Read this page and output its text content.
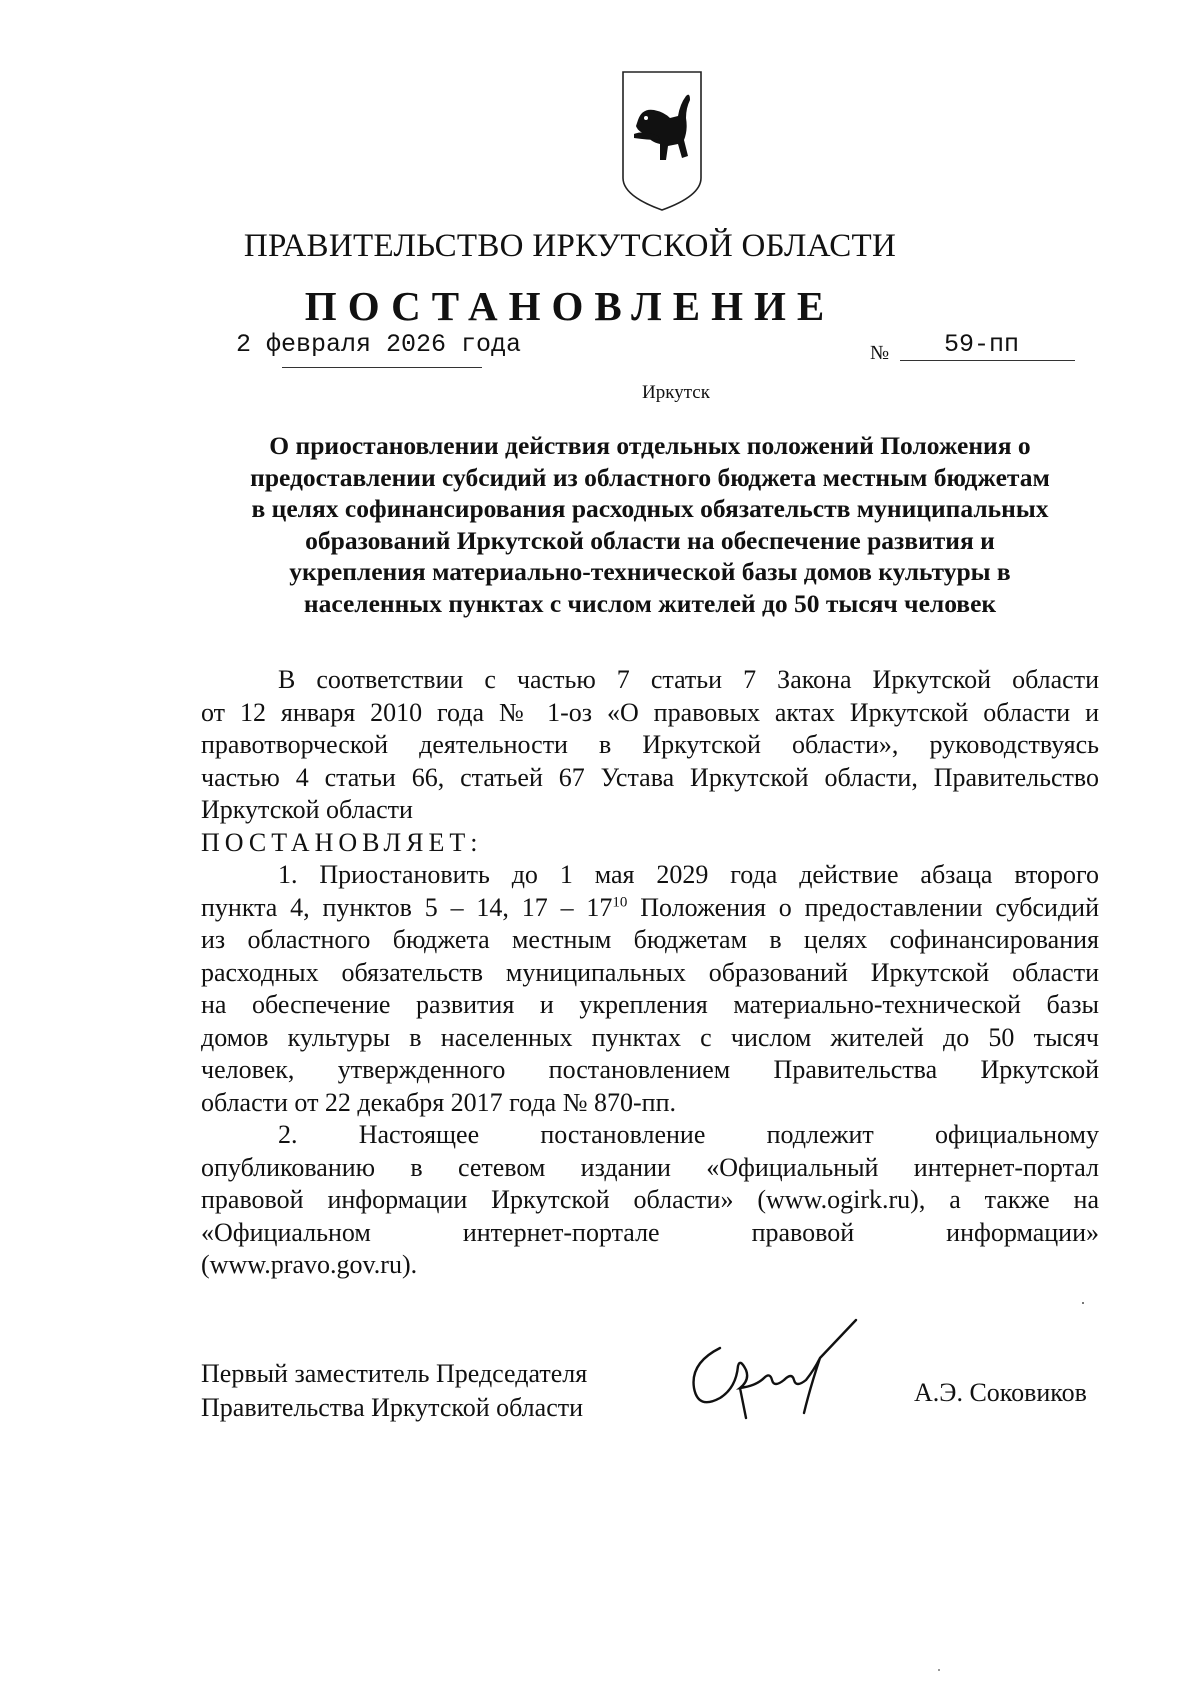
ПРАВИТЕЛЬСТВО ИРКУТСКОЙ ОБЛАСТИ
ПОСТАНОВЛЕНИЕ
2 февраля 2026 года	№ 59-пп
Иркутск
О приостановлении действия отдельных положений Положения о
предоставлении субсидий из областного бюджета местным бюджетам
в целях софинансирования расходных обязательств муниципальных
образований Иркутской области на обеспечение развития и
укрепления материально-технической базы домов культуры в
населенных пунктах с числом жителей до 50 тысяч человек
В соответствии с частью 7 статьи 7 Закона Иркутской области
от 12 января 2010 года № 1-оз «О правовых актах Иркутской области и
правотворческой деятельности в Иркутской области», руководствуясь
частью 4 статьи 66, статьей 67 Устава Иркутской области, Правительство
Иркутской области
ПОСТАНОВЛЯЕТ:
1. Приостановить до 1 мая 2029 года действие абзаца второго
пункта 4, пунктов 5 – 14, $17 - 17^{10}$ Положения о предоставлении субсидий
из областного бюджета местным бюджетам в целях софинансирования
расходных обязательств муниципальных образований Иркутской области
на обеспечение развития и укрепления материально-технической базы
домов культуры в населенных пунктах с числом жителей до 50 тысяч
человек, утвержденного постановлением Правительства Иркутской
области от 22 декабря 2017 года № 870-пп.
2. Настоящее постановление подлежит официальному
опубликованию в сетевом издании «Официальный интернет-портал
правовой информации Иркутской области» (www.ogirk.ru), а также на
«Официальном интернет-портале правовой информации»
(www.pravo.gov.ru).
Первый заместитель Председателя
Правительства Иркутской области
А.Э. Соковиков
